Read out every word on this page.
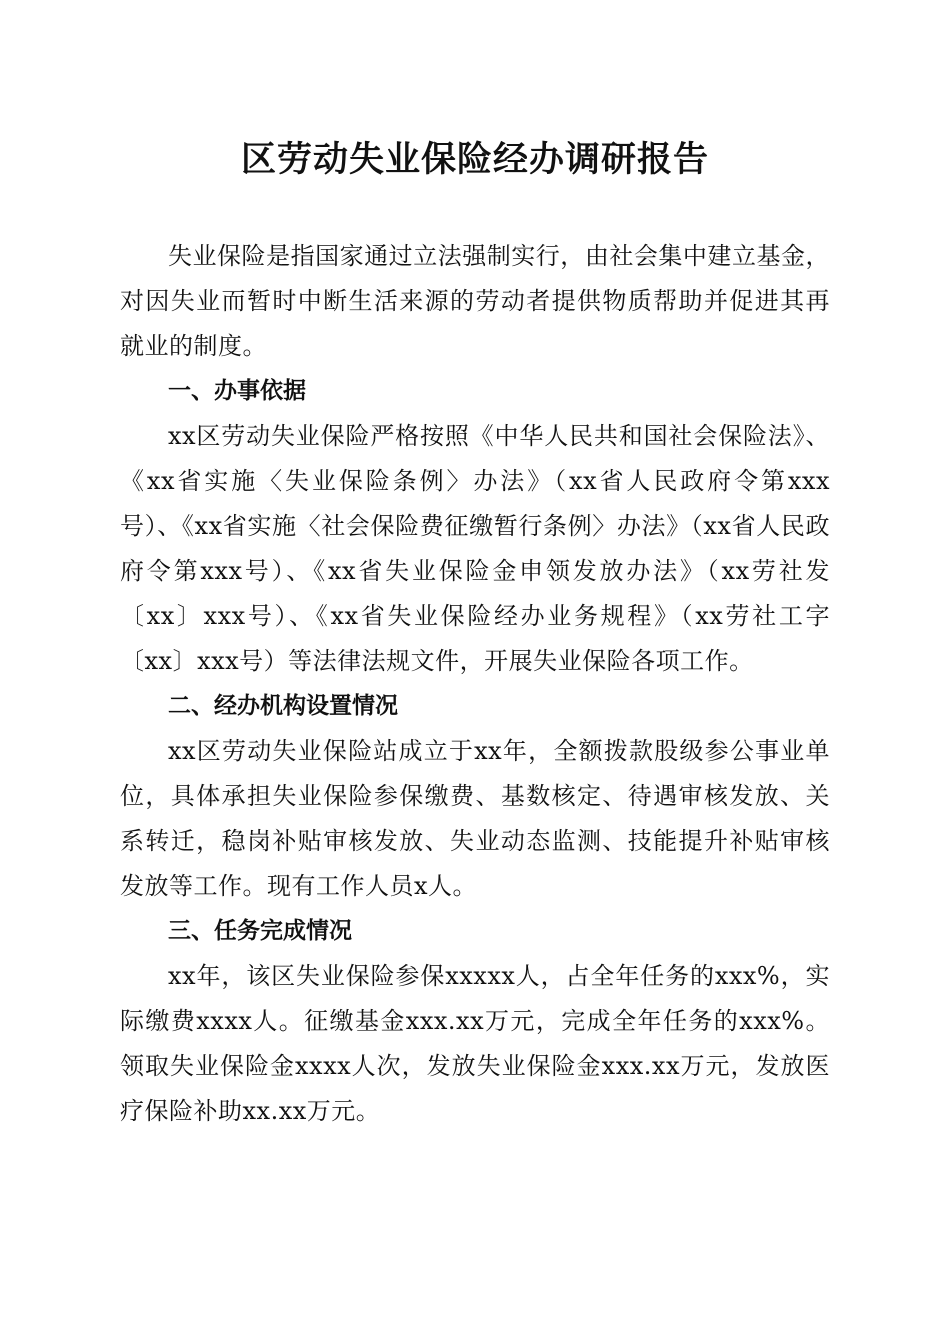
区劳动失业保险经办调研报告

失业保险是指国家通过立法强制实行，由社会集中建立基金，对因失业而暂时中断生活来源的劳动者提供物质帮助并促进其再就业的制度。

一、办事依据

xx区劳动失业保险严格按照《中华人民共和国社会保险法》、《xx省实施〈失业保险条例〉办法》（xx省人民政府令第xxx号）、《xx省实施〈社会保险费征缴暂行条例〉办法》（xx省人民政府令第xxx号）、《xx省失业保险金申领发放办法》（xx劳社发〔xx〕xxx号）、《xx省失业保险经办业务规程》（xx劳社工字〔xx〕xxx号）等法律法规文件，开展失业保险各项工作。

二、经办机构设置情况

xx区劳动失业保险站成立于xx年，全额拨款股级参公事业单位，具体承担失业保险参保缴费、基数核定、待遇审核发放、关系转迁，稳岗补贴审核发放、失业动态监测、技能提升补贴审核发放等工作。现有工作人员x人。

三、任务完成情况

xx年，该区失业保险参保xxxxx人，占全年任务的xxx%，实际缴费xxxx人。征缴基金xxx.xx万元，完成全年任务的xxx%。领取失业保险金xxxx人次，发放失业保险金xxx.xx万元，发放医疗保险补助xx.xx万元。
